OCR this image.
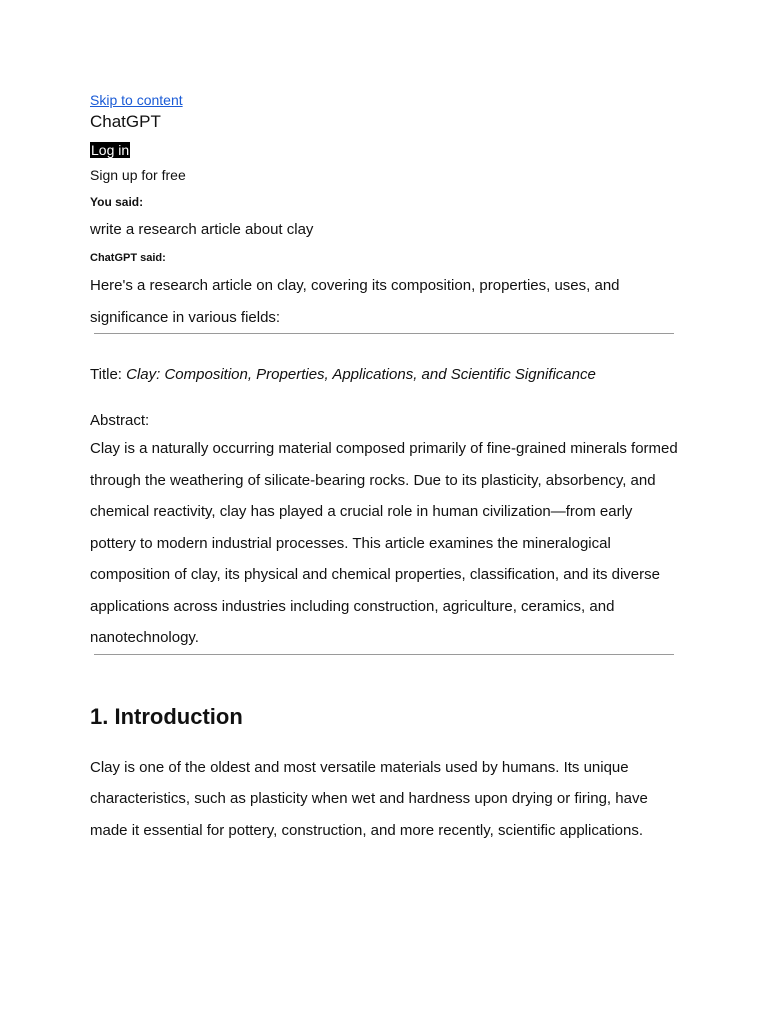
Skip to content
ChatGPT
Log in
Sign up for free
You said:
write a research article about clay
ChatGPT said:

Here's a research article on clay, covering its composition, properties, uses, and significance in various fields:

Title: Clay: Composition, Properties, Applications, and Scientific Significance
Abstract:

Clay is a naturally occurring material composed primarily of fine-grained minerals formed through the weathering of silicate-bearing rocks. Due to its plasticity, absorbency, and chemical reactivity, clay has played a crucial role in human civilization—from early pottery to modern industrial processes. This article examines the mineralogical composition of clay, its physical and chemical properties, classification, and its diverse applications across industries including construction, agriculture, ceramics, and nanotechnology.

1. Introduction

Clay is one of the oldest and most versatile materials used by humans. Its unique characteristics, such as plasticity when wet and hardness upon drying or firing, have made it essential for pottery, construction, and more recently, scientific applications.
